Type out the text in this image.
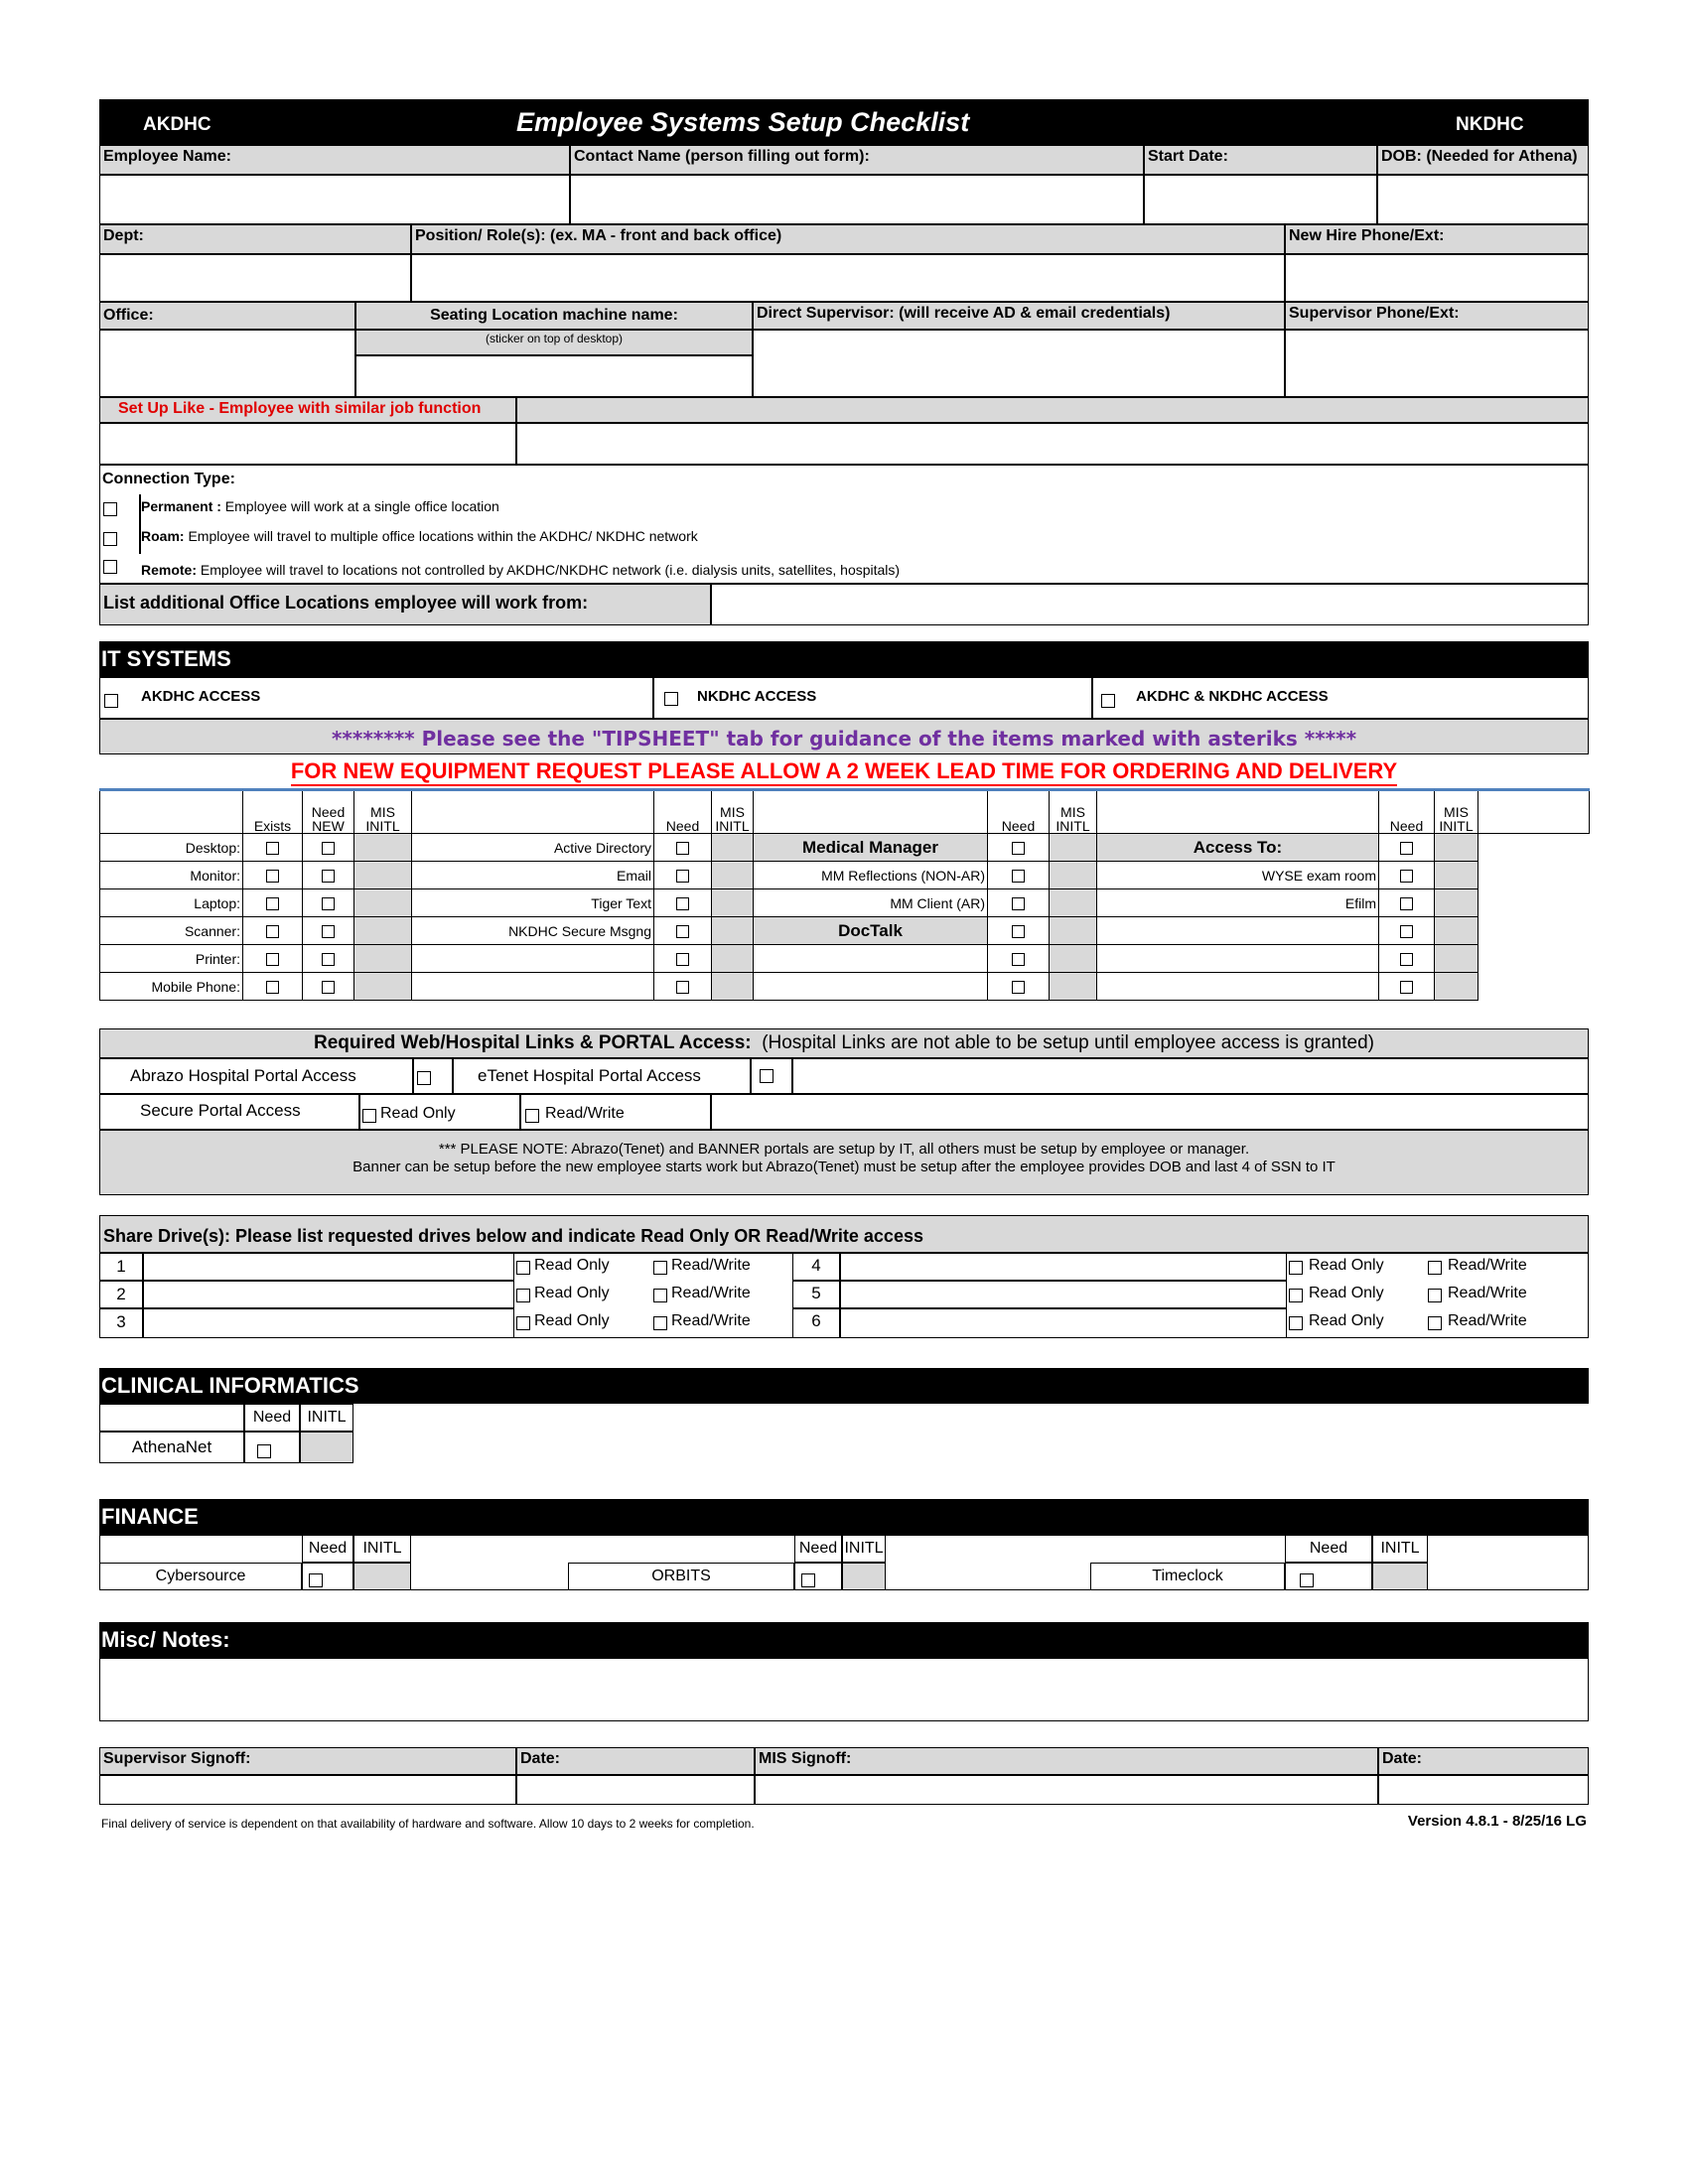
AKDHC	Employee Systems Setup Checklist	NKDHC
Employee Name:	Contact Name (person filling out form):	Start Date:	DOB: (Needed for Athena)
Dept:	Position/ Role(s): (ex. MA - front and back office)	New Hire Phone/Ext:
Office:	Seating Location machine name:
(sticker on top of desktop)
Direct Supervisor: (will receive AD & email credentials)	Supervisor Phone/Ext:
Set Up Like - Employee with similar job function
Connection Type:
Permanent : Employee will work at a single office location
Roam: Employee will travel to multiple office locations within the AKDHC/ NKDHC network
Remote: Employee will travel to locations not controlled by AKDHC/NKDHC network (i.e. dialysis units, satellites, hospitals)
List additional Office Locations employee will work from:
IT SYSTEMS
AKDHC ACCESS	NKDHC ACCESS	AKDHC & NKDHC ACCESS
******** Please see the "TIPSHEET" tab for guidance of the items marked with asteriks *****
FOR NEW EQUIPMENT REQUEST PLEASE ALLOW A 2 WEEK LEAD TIME FOR ORDERING AND DELIVERY
	Exists	Need NEW	MIS INITL		Need	MIS INITL		Need	MIS INITL		Need	MIS INITL	
Desktop:				Active Directory			Medical Manager			Access To:			
Monitor:				Email			MM Reflections (NON-AR)			WYSE exam room			
Laptop:				Tiger Text			MM Client (AR)			Efilm			
Scanner:				NKDHC Secure Msgng			DocTalk						
Printer:													
Mobile Phone:													
Required Web/Hospital Links & PORTAL Access: (Hospital Links are not able to be setup until employee access is granted)
Abrazo Hospital Portal Access	eTenet Hospital Portal Access
Secure Portal Access	Read Only	Read/Write
*** PLEASE NOTE: Abrazo(Tenet) and BANNER portals are setup by IT, all others must be setup by employee or manager.
Banner can be setup before the new employee starts work but Abrazo(Tenet) must be setup after the employee provides DOB and last 4 of SSN to IT
Share Drive(s): Please list requested drives below and indicate Read Only OR Read/Write access
CLINICAL INFORMATICS
Need	INITL
AthenaNet
FINANCE
Misc/ Notes:
Supervisor Signoff:	Date:	MIS Signoff:	Date:
Final delivery of service is dependent on that availability of hardware and software. Allow 10 days to 2 weeks for completion.	Version 4.8.1 - 8/25/16 LG
1	Read Only	Read/Write	4	Read Only	Read/Write
2	Read Only	Read/Write	5	Read Only	Read/Write
3	Read Only	Read/Write	6	Read Only	Read/Write
Need	INITL
Cybersource
Need INITL
ORBITS
Need	INITL
Timeclock
